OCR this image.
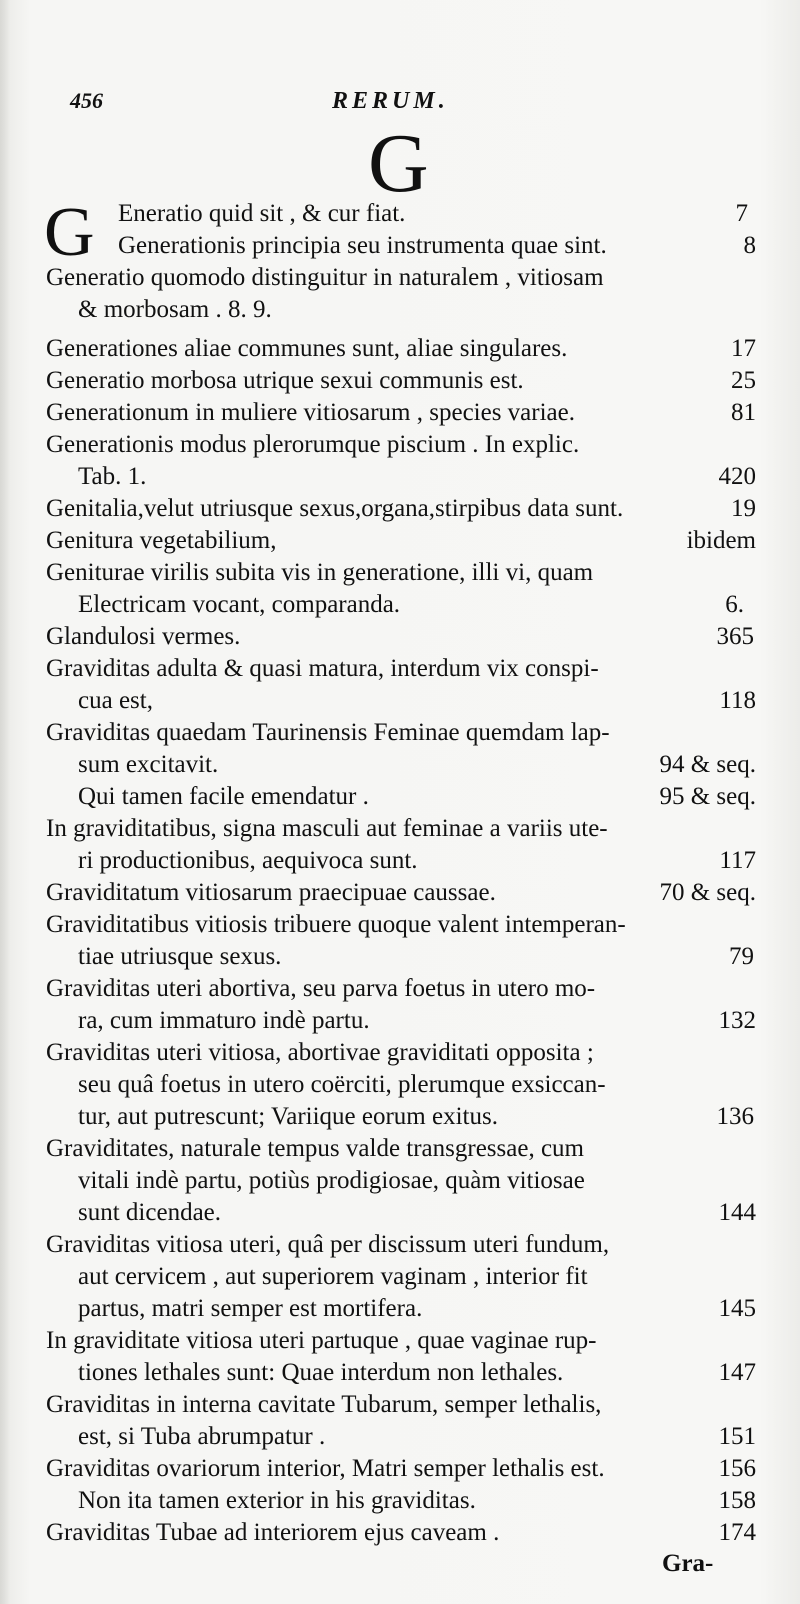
456	RERUM.
G
G Eneratio quid sit , & cur fiat.	7
Generationis principia seu instrumenta quae sint.	8
Generatio quomodo distinguitur in naturalem , vitiosam
& morbosam . 8. 9.
Generationes aliae communes sunt, aliae singulares.	17
Generatio morbosa utrique sexui communis est.	25
Generationum in muliere vitiosarum , species variae.	81
Generationis modus plerorumque piscium . In explic.
Tab. 1.	420
Genitalia,velut utriusque sexus,organa,stirpibus data sunt.	19
Genitura vegetabilium,	ibidem
Geniturae virilis subita vis in generatione, illi vi, quam
Electricam vocant, comparanda.	6.
Glandulosi vermes.	365
Graviditas adulta & quasi matura, interdum vix conspi-
cua est,	118
Graviditas quaedam Taurinensis Feminae quemdam lap-
sum excitavit.	94 & seq.
Qui tamen facile emendatur .	95 & seq.
In graviditatibus, signa masculi aut feminae a variis ute-
ri productionibus, aequivoca sunt.	117
Graviditatum vitiosarum praecipuae caussae.	70 & seq.
Graviditatibus vitiosis tribuere quoque valent intemperan-
tiae utriusque sexus.	79
Graviditas uteri abortiva, seu parva foetus in utero mo-
ra, cum immaturo indè partu.	132
Graviditas uteri vitiosa, abortivae graviditati opposita ;
seu quâ foetus in utero coërciti, plerumque exsiccan-
tur, aut putrescunt; Variique eorum exitus.	136
Graviditates, naturale tempus valde transgressae, cum
vitali indè partu, potiùs prodigiosae, quàm vitiosae
sunt dicendae.	144
Graviditas vitiosa uteri, quâ per discissum uteri fundum,
aut cervicem , aut superiorem vaginam , interior fit
partus, matri semper est mortifera.	145
In graviditate vitiosa uteri partuque , quae vaginae rup-
tiones lethales sunt: Quae interdum non lethales.	147
Graviditas in interna cavitate Tubarum, semper lethalis,
est, si Tuba abrumpatur .	151
Graviditas ovariorum interior, Matri semper lethalis est.	156
Non ita tamen exterior in his graviditas.	158
Graviditas Tubae ad interiorem ejus caveam .	174
Gra-
